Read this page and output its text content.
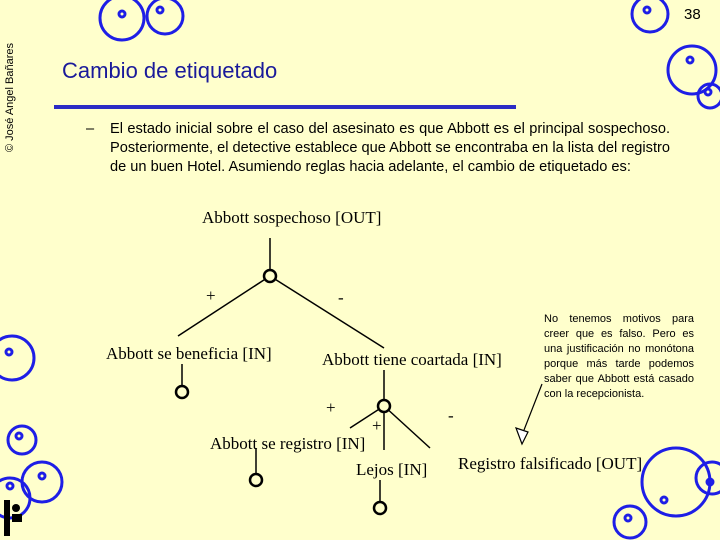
© José Angel Bañares
38
Cambio de etiquetado
– El estado inicial sobre el caso del asesinato es que Abbott es el principal sospechoso. Posteriormente, el detective establece que Abbott se encontraba en la lista del registro de un buen Hotel. Asumiendo reglas hacia adelante, el cambio de etiquetado es:
Abbott sospechoso [OUT]
Abbott se beneficia [IN]	Abbott tiene coartada [IN]
Abbott se registro [IN]
Lejos [IN] Registro falsificado [OUT]
+	-
+
+
-
No tenemos motivos para creer que es falso. Pero es una justificación no monótona porque más tarde podemos saber que Abbott está casado con la recepcionista.
